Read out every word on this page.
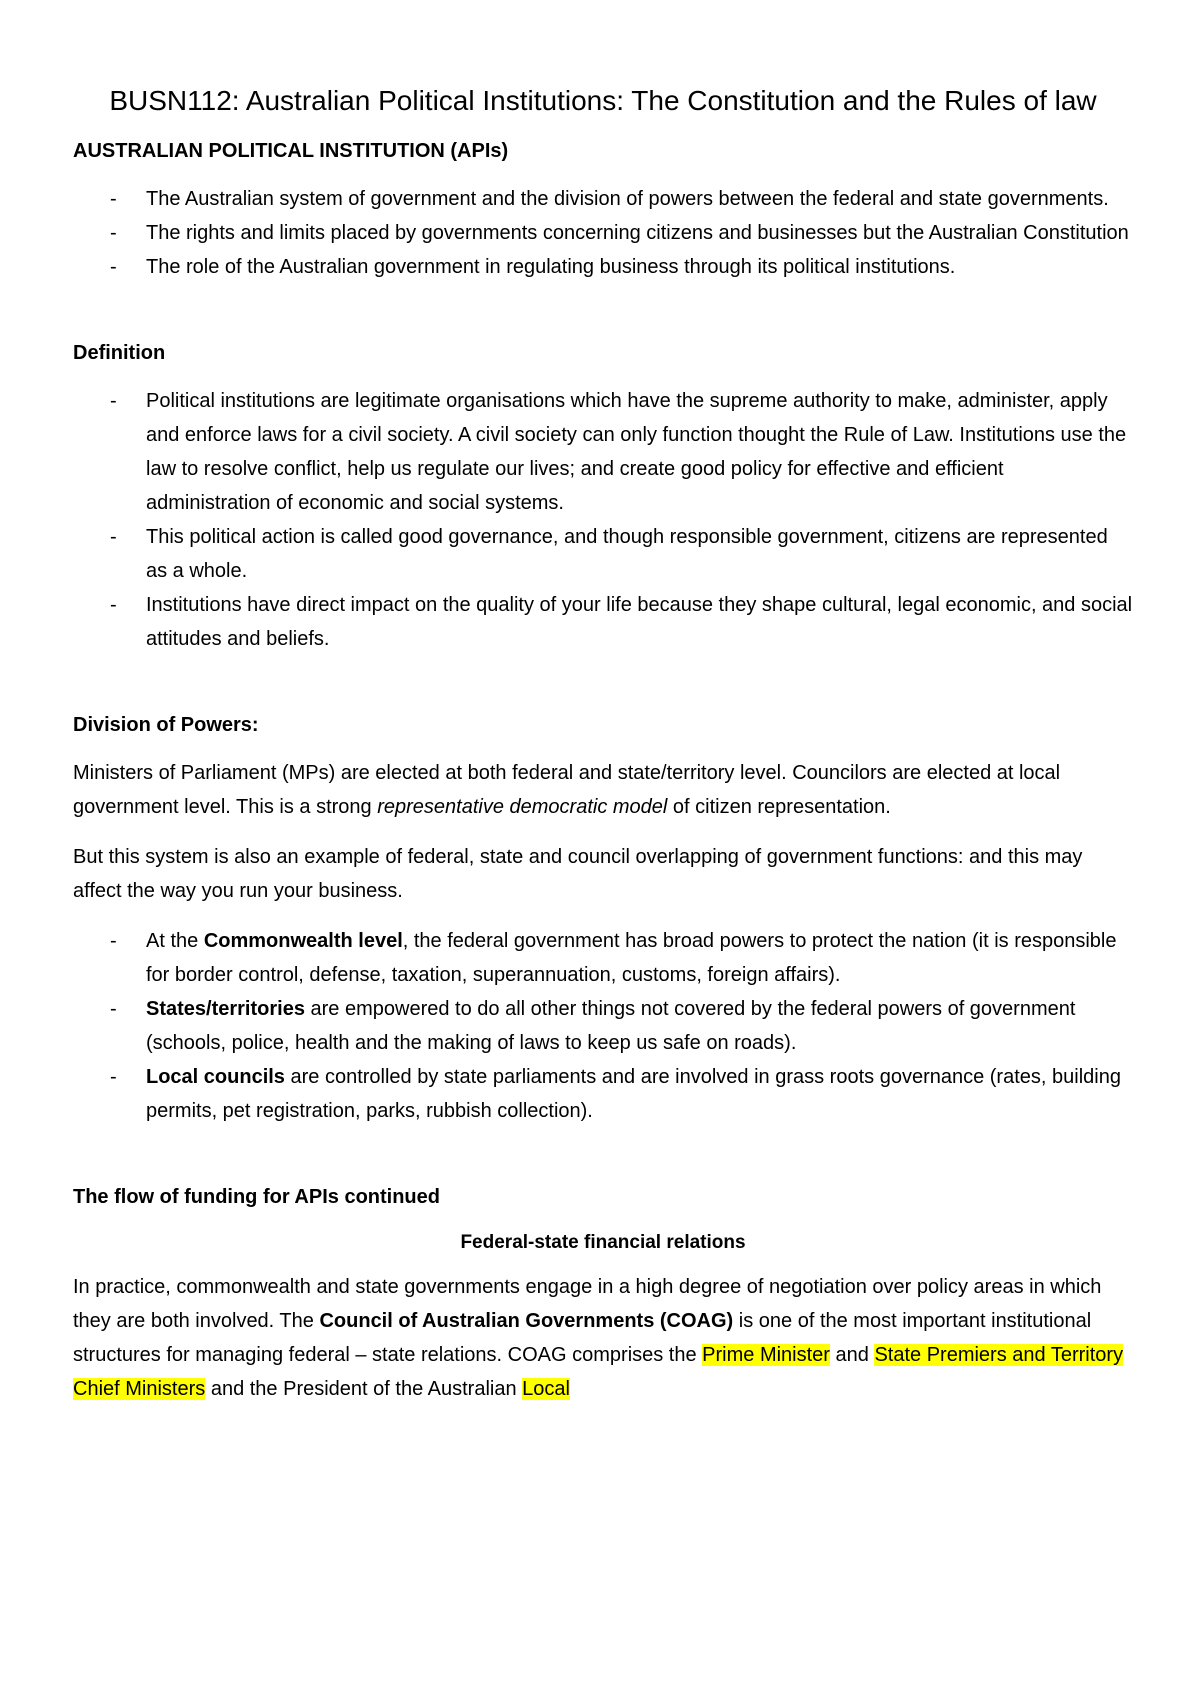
BUSN112: Australian Political Institutions: The Constitution and the Rules of law
AUSTRALIAN POLITICAL INSTITUTION (APIs)
- The Australian system of government and the division of powers between the federal and state governments.
- The rights and limits placed by governments concerning citizens and businesses but the Australian Constitution
- The role of the Australian government in regulating business through its political institutions.
Definition
- Political institutions are legitimate organisations which have the supreme authority to make, administer, apply and enforce laws for a civil society. A civil society can only function thought the Rule of Law. Institutions use the law to resolve conflict, help us regulate our lives; and create good policy for effective and efficient administration of economic and social systems.
- This political action is called good governance, and though responsible government, citizens are represented as a whole.
- Institutions have direct impact on the quality of your life because they shape cultural, legal economic, and social attitudes and beliefs.
Division of Powers:

Ministers of Parliament (MPs) are elected at both federal and state/territory level. Councilors are elected at local government level. This is a strong representative democratic model of citizen representation.

But this system is also an example of federal, state and council overlapping of government functions: and this may affect the way you run your business.

- At the Commonwealth level, the federal government has broad powers to protect the nation (it is responsible for border control, defense, taxation, superannuation, customs, foreign affairs).
- States/territories are empowered to do all other things not covered by the federal powers of government (schools, police, health and the making of laws to keep us safe on roads).
- Local councils are controlled by state parliaments and are involved in grass roots governance (rates, building permits, pet registration, parks, rubbish collection).
The flow of funding for APIs continued
Federal-state financial relations

In practice, commonwealth and state governments engage in a high degree of negotiation over policy areas in which they are both involved. The Council of Australian Governments (COAG) is one of the most important institutional structures for managing federal – state relations. COAG comprises the Prime Minister and State Premiers and Territory Chief Ministers and the President of the Australian Local
